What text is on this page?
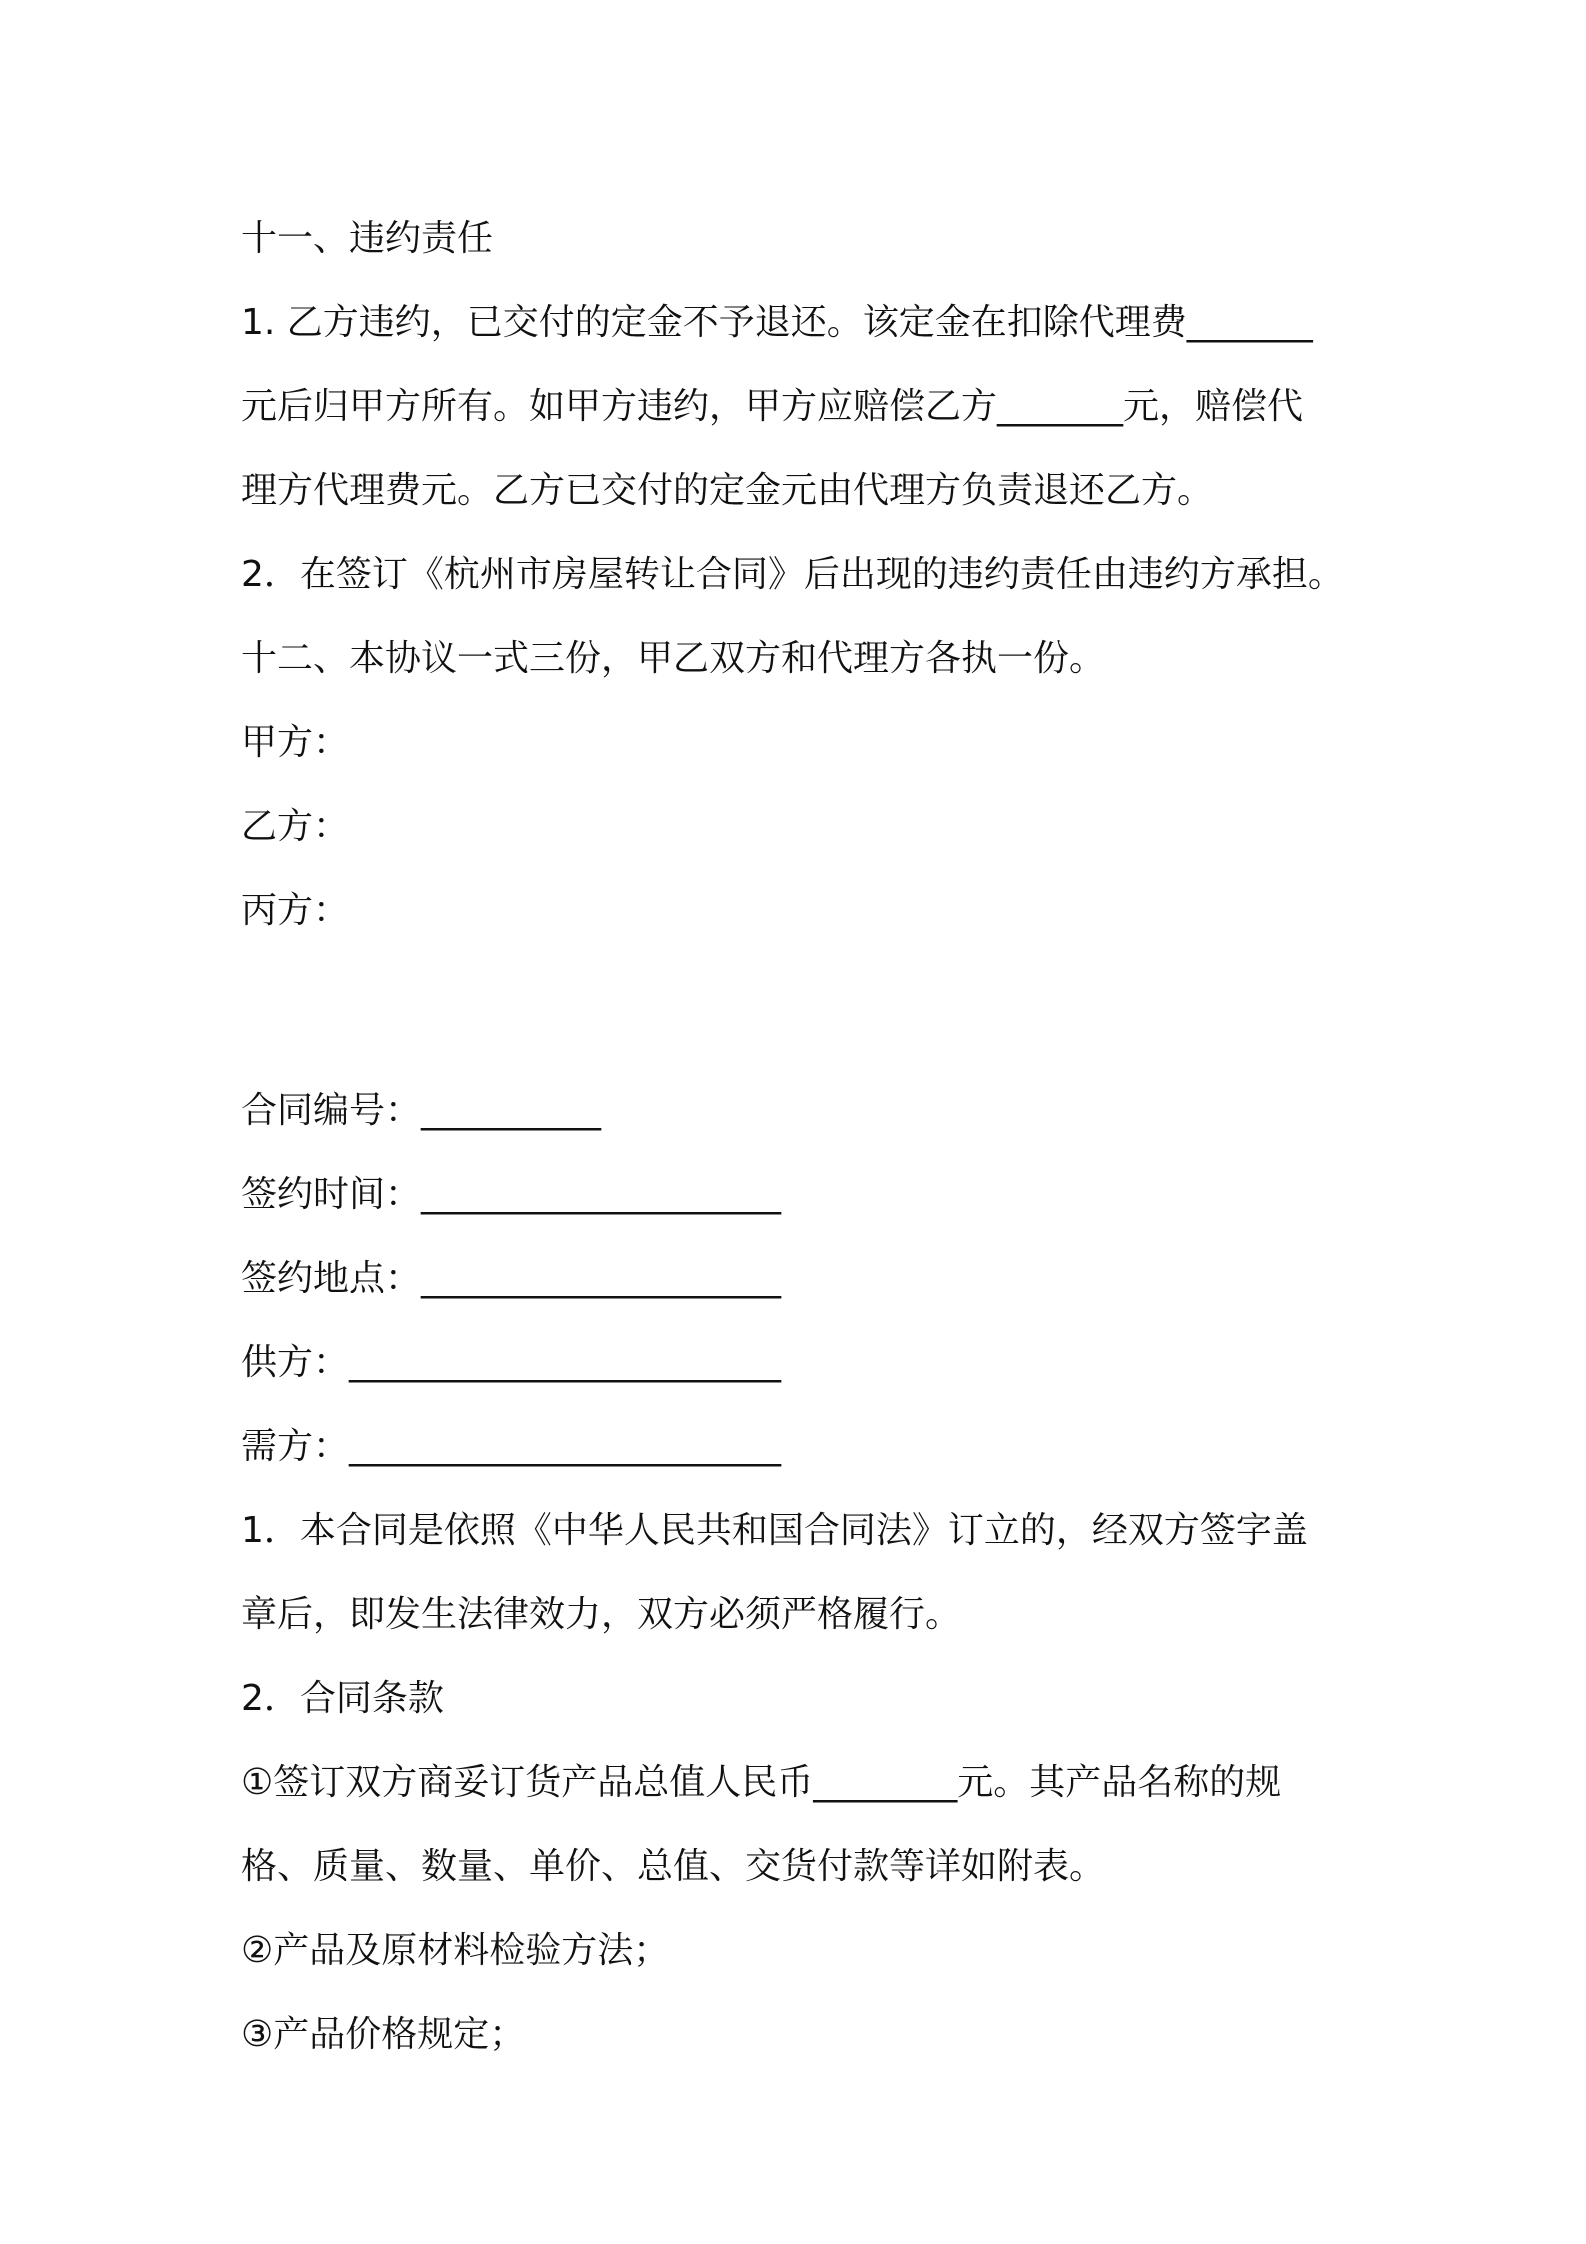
十一、违约责任
1. 乙方违约，已交付的定金不予退还。该定金在扣除代理费_______
元后归甲方所有。如甲方违约，甲方应赔偿乙方_______元，赔偿代
理方代理费元。乙方已交付的定金元由代理方负责退还乙方。
2．在签订《杭州市房屋转让合同》后出现的违约责任由违约方承担。
十二、本协议一式三份，甲乙双方和代理方各执一份。
甲方：
乙方：
丙方：
合同编号：__________
签约时间：____________________
签约地点：____________________
供方：________________________
需方：________________________
1．本合同是依照《中华人民共和国合同法》订立的，经双方签字盖
章后，即发生法律效力，双方必须严格履行。
2．合同条款
①签订双方商妥订货产品总值人民币________元。其产品名称的规
格、质量、数量、单价、总值、交货付款等详如附表。
②产品及原材料检验方法；
③产品价格规定；
